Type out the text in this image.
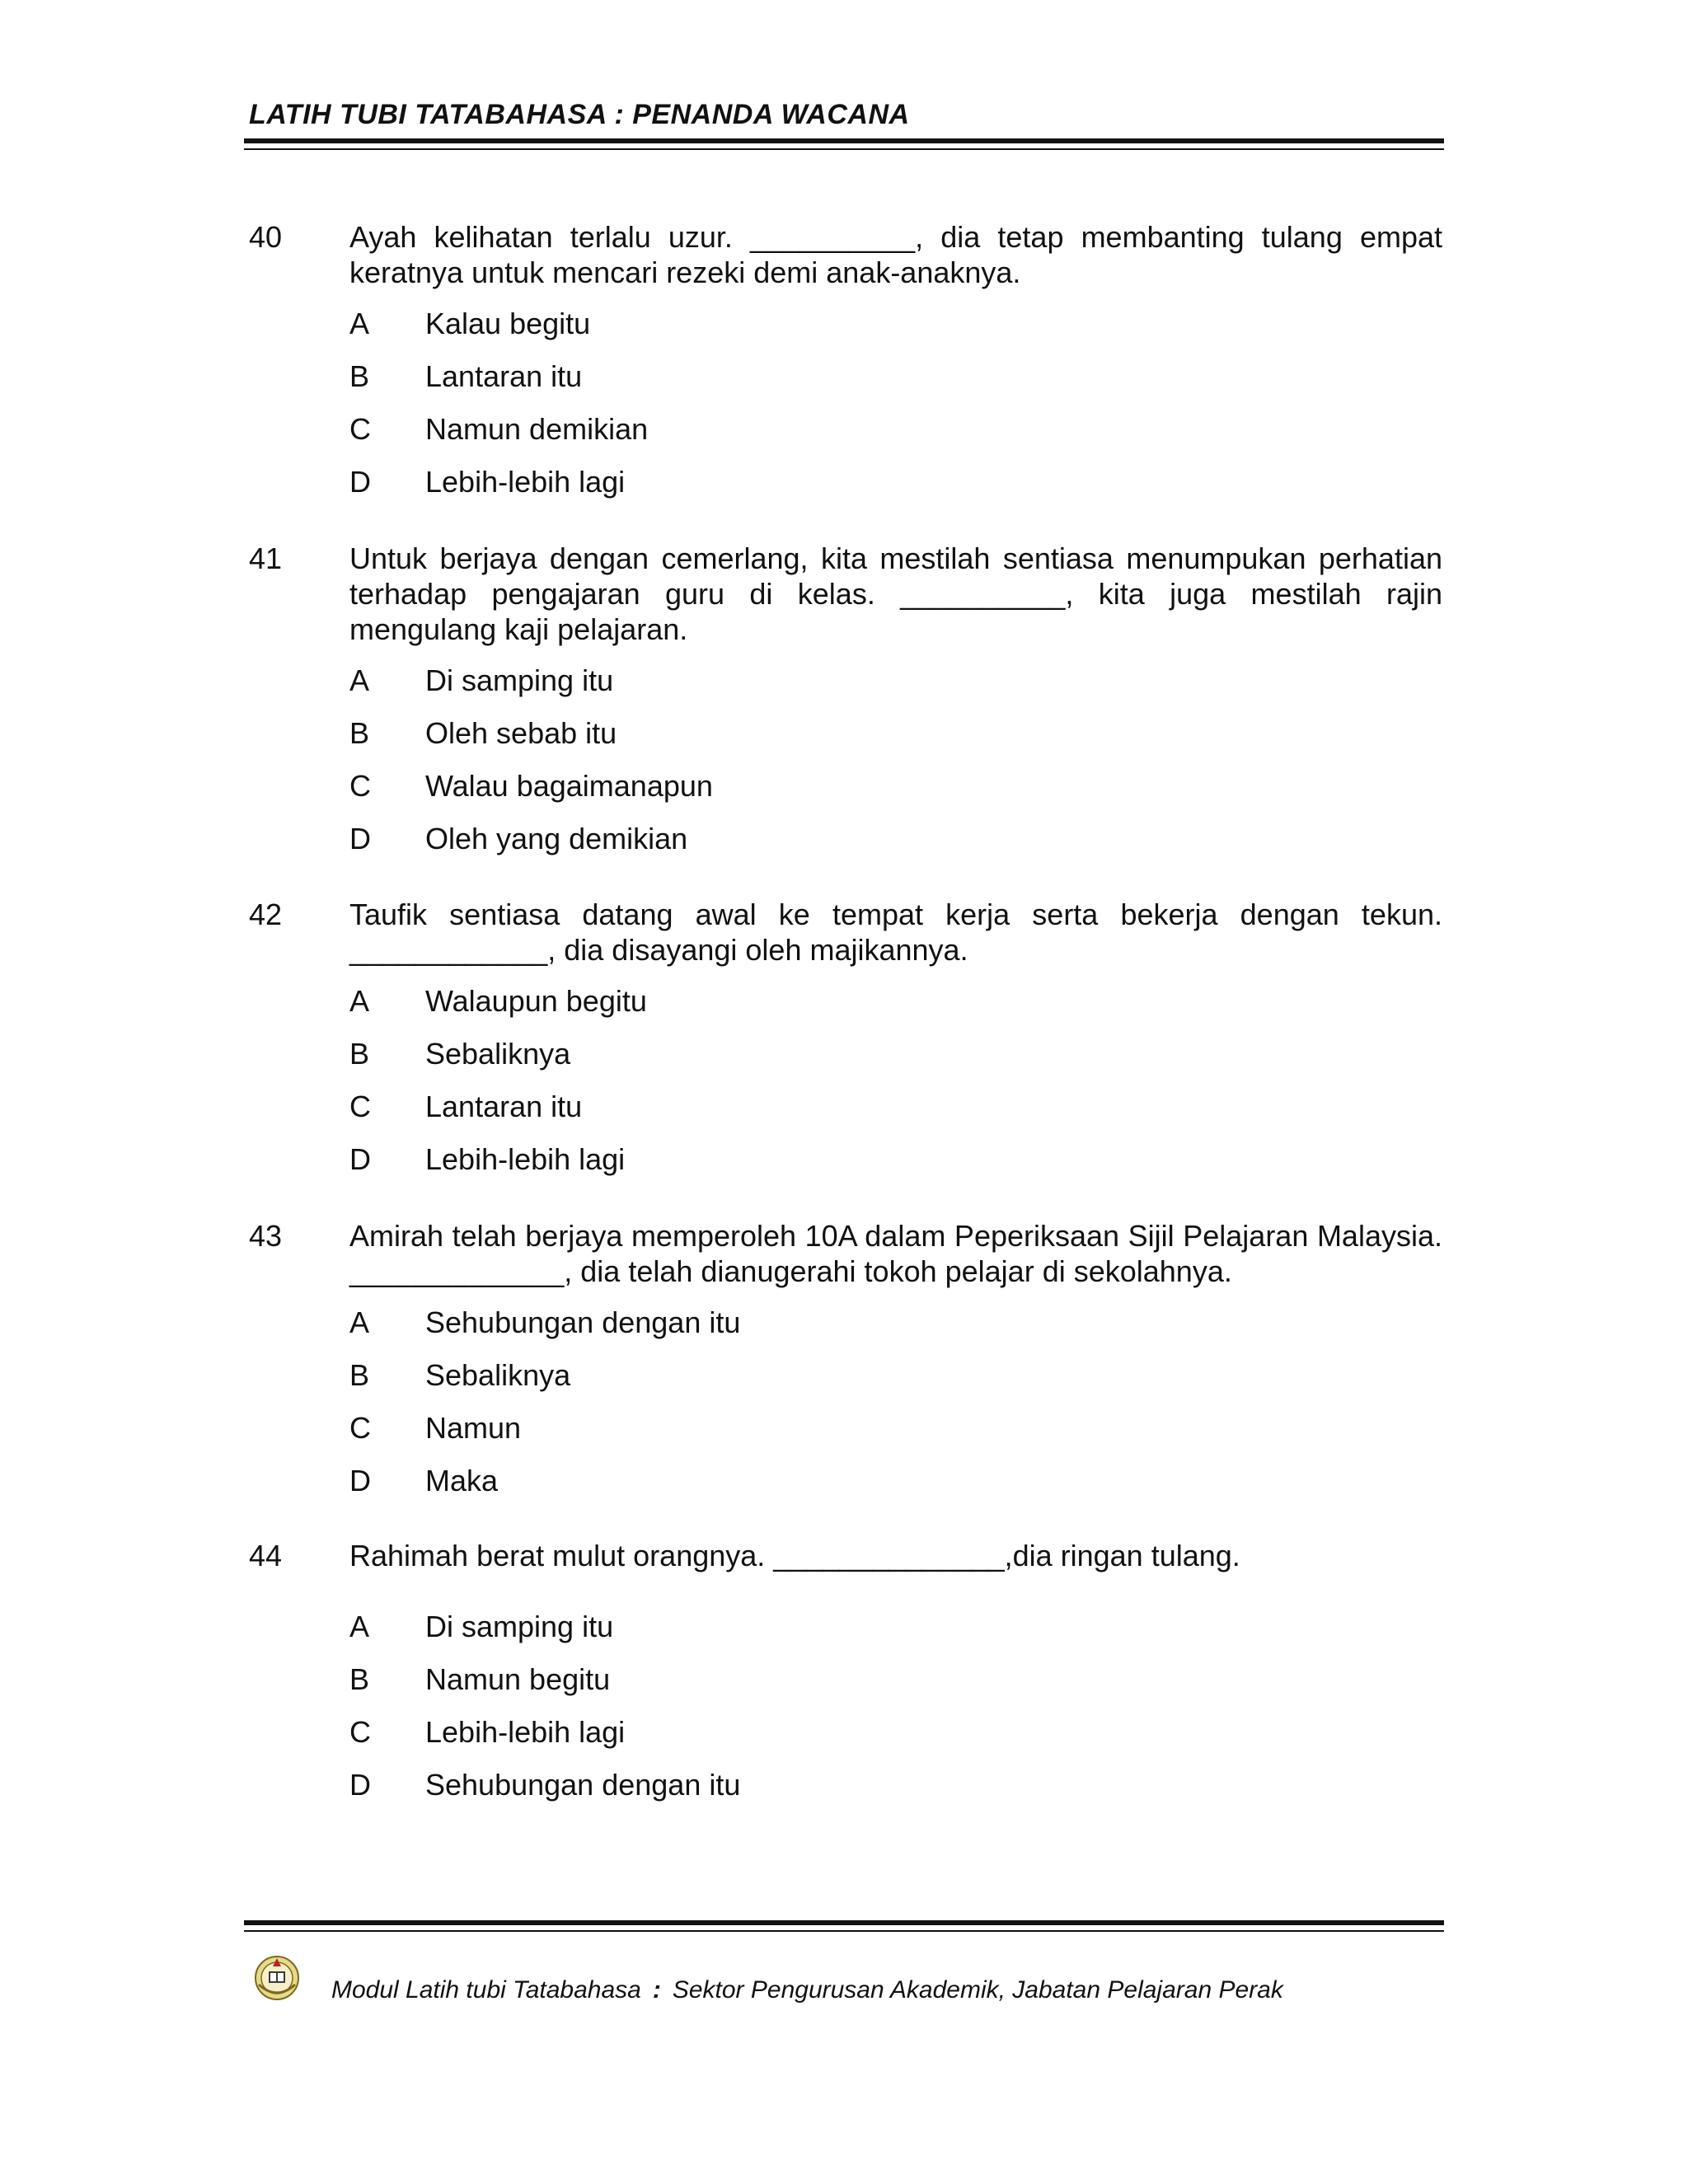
LATIH TUBI TATABAHASA : PENANDA WACANA
40 Ayah kelihatan terlalu uzur. __________, dia tetap membanting tulang empat keratnya untuk mencari rezeki demi anak-anaknya.
A Kalau begitu
B Lantaran itu
C Namun demikian
D Lebih-lebih lagi
41 Untuk berjaya dengan cemerlang, kita mestilah sentiasa menumpukan perhatian terhadap pengajaran guru di kelas. __________, kita juga mestilah rajin mengulang kaji pelajaran.
A Di samping itu
B Oleh sebab itu
C Walau bagaimanapun
D Oleh yang demikian
42 Taufik sentiasa datang awal ke tempat kerja serta bekerja dengan tekun. ____________, dia disayangi oleh majikannya.
A Walaupun begitu
B Sebaliknya
C Lantaran itu
D Lebih-lebih lagi
43 Amirah telah berjaya memperoleh 10A dalam Peperiksaan Sijil Pelajaran Malaysia. _____________, dia telah dianugerahi tokoh pelajar di sekolahnya.
A Sehubungan dengan itu
B Sebaliknya
C Namun
D Maka
44 Rahimah berat mulut orangnya. ______________,dia ringan tulang.
A Di samping itu
B Namun begitu
C Lebih-lebih lagi
D Sehubungan dengan itu
Modul Latih tubi Tatabahasa : Sektor Pengurusan Akademik, Jabatan Pelajaran Perak
